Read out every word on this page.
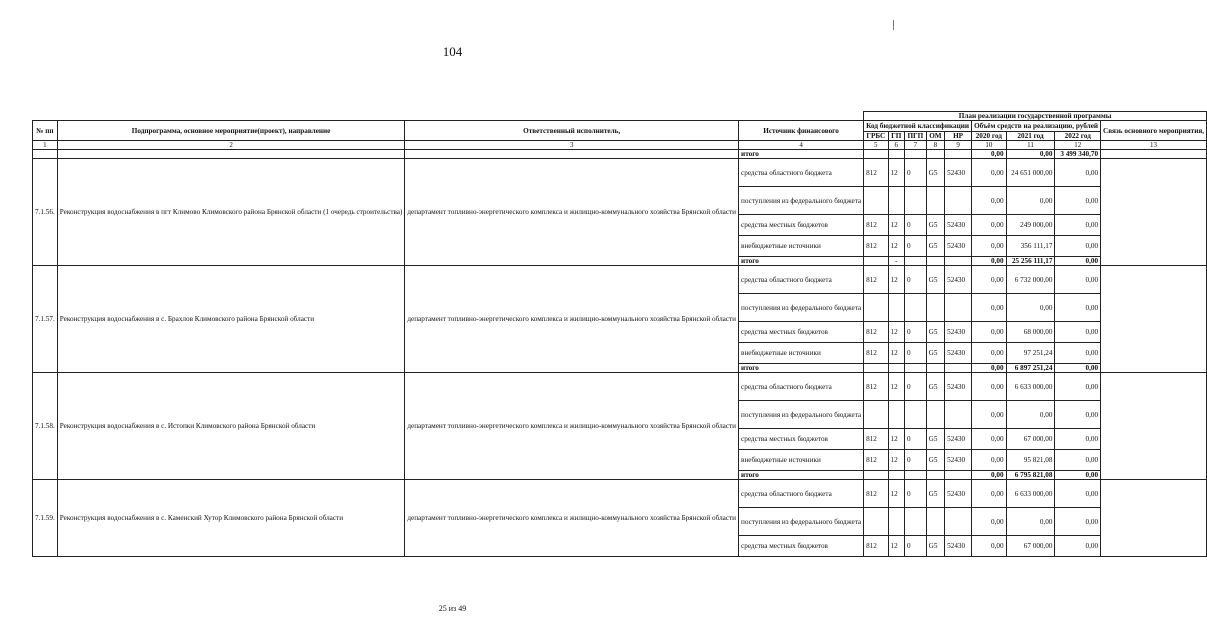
104
				План реализации государственной программы								
№ пп	Подпрограмма, основное мероприятие(проект), направление	Ответственный исполнитель,	Источник финансового	Код бюджетной классификации					Объём средств на реализацию, рублей			Связь основного мероприятия,
				ГРБС	ГП	ПГП	ОМ	НР	2020 год	2021 год	2022 год	
1	2	3	4	5	6	7	8	9	10	11	12	13
			итого						0,00	0,00	3 499 340,70	
7.1.56.	Реконструкция водоснабжения в пгт Климово Климовского района Брянской области (1 очередь строительства)	департамент топливно-энергетического комплекса и жилищно-коммунального хозяйства Брянской области	средства областного бюджета	812	12	0	G5	52430	0,00	24 651 000,00	0,00	
			поступления из федерального бюджета						0,00	0,00	0,00	
			средства местных бюджетов	812	12	0	G5	52430	0,00	249 000,00	0,00	
			внебюджетные источники	812	12	0	G5	52430	0,00	356 111,17	0,00	
			итого		-				0,00	25 256 111,17	0,00	
7.1.57.	Реконструкция водоснабжения в с. Брахлов Климовского района Брянской области	департамент топливно-энергетического комплекса и жилищно-коммунального хозяйства Брянской области	средства областного бюджета	812	12	0	G5	52430	0,00	6 732 000,00	0,00	
			поступления из федерального бюджета						0,00	0,00	0,00	
			средства местных бюджетов	812	12	0	G5	52430	0,00	68 000,00	0,00	
			внебюджетные источники	812	12	0	G5	52430	0,00	97 251,24	0,00	
			итого						0,00	6 897 251,24	0,00	
7.1.58.	Реконструкция водоснабжения в с. Истопки Климовского района Брянской области	департамент топливно-энергетического комплекса и жилищно-коммунального хозяйства Брянской области	средства областного бюджета	812	12	0	G5	52430	0,00	6 633 000,00	0,00	
			поступления из федерального бюджета						0,00	0,00	0,00	
			средства местных бюджетов	812	12	0	G5	52430	0,00	67 000,00	0,00	
			внебюджетные источники	812	12	0	G5	52430	0,00	95 821,08	0,00	
			итого						0,00	6 795 821,08	0,00	
7.1.59.	Реконструкция водоснабжения в с. Каменский Хутор Климовского района Брянской области	департамент топливно-энергетического комплекса и жилищно-коммунального хозяйства Брянской области	средства областного бюджета	812	12	0	G5	52430	0,00	6 633 000,00	0,00	
			поступления из федерального бюджета						0,00	0,00	0,00	
			средства местных бюджетов	812	12	0	G5	52430	0,00	67 000,00	0,00	
25 из 49
